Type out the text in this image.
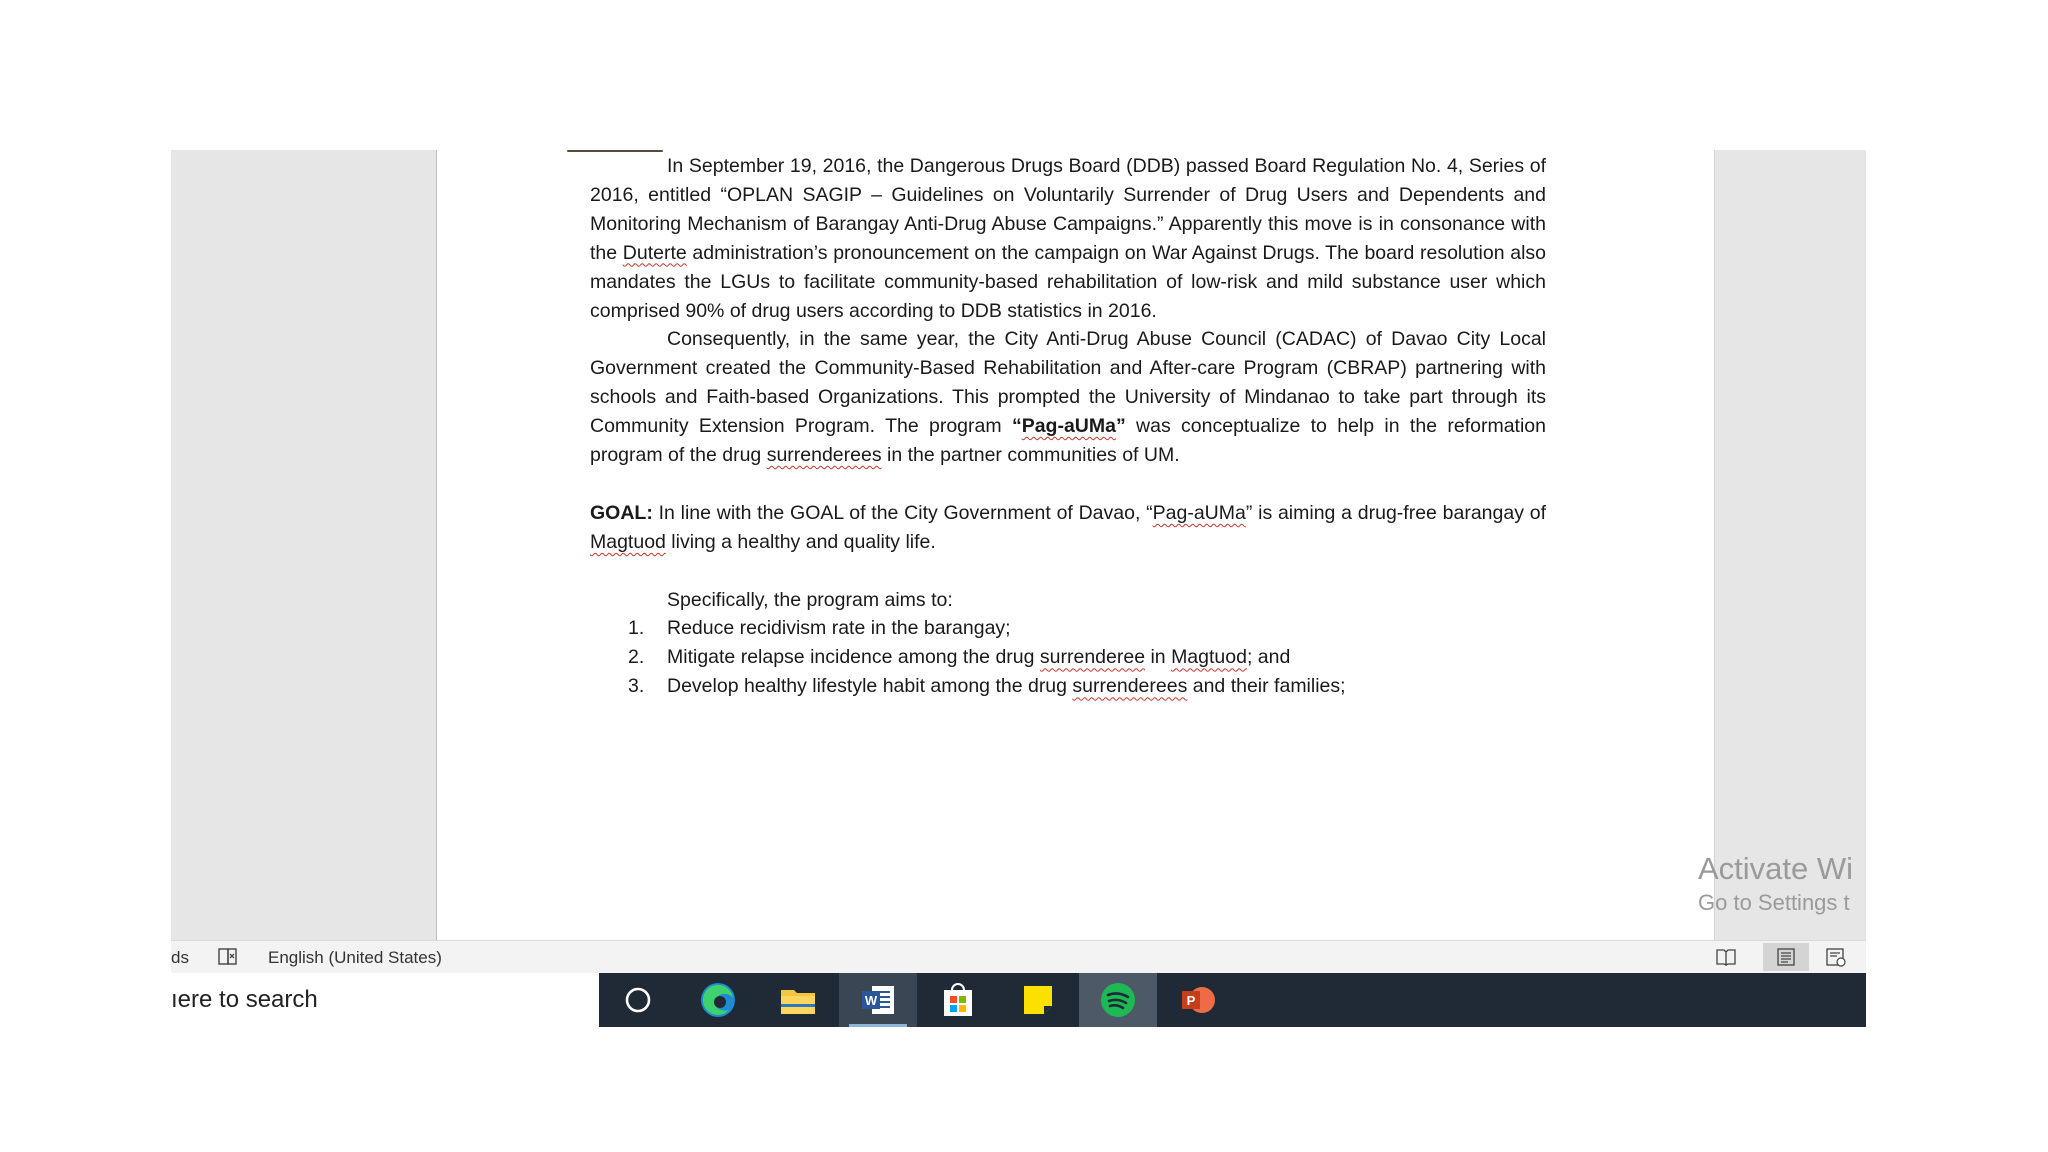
In September 19, 2016, the Dangerous Drugs Board (DDB) passed Board Regulation No. 4, Series of 2016, entitled “OPLAN SAGIP – Guidelines on Voluntarily Surrender of Drug Users and Dependents and Monitoring Mechanism of Barangay Anti-Drug Abuse Campaigns.” Apparently this move is in consonance with the Duterte administration’s pronouncement on the campaign on War Against Drugs. The board resolution also mandates the LGUs to facilitate community-based rehabilitation of low-risk and mild substance user which comprised 90% of drug users according to DDB statistics in 2016.

Consequently, in the same year, the City Anti-Drug Abuse Council (CADAC) of Davao City Local Government created the Community-Based Rehabilitation and After-care Program (CBRAP) partnering with schools and Faith-based Organizations. This prompted the University of Mindanao to take part through its Community Extension Program. The program “Pag-aUMa” was conceptualize to help in the reformation program of the drug surrenderees in the partner communities of UM.

GOAL: In line with the GOAL of the City Government of Davao, “Pag-aUMa” is aiming a drug-free barangay of Magtuod living a healthy and quality life.

Specifically, the program aims to:

1. Reduce recidivism rate in the barangay;
2. Mitigate relapse incidence among the drug surrenderee in Magtuod; and
3. Develop healthy lifestyle habit among the drug surrenderees and their families;
Activate Wi
Go to Settings t
ds	English (United States)
ıere to search	W	P
